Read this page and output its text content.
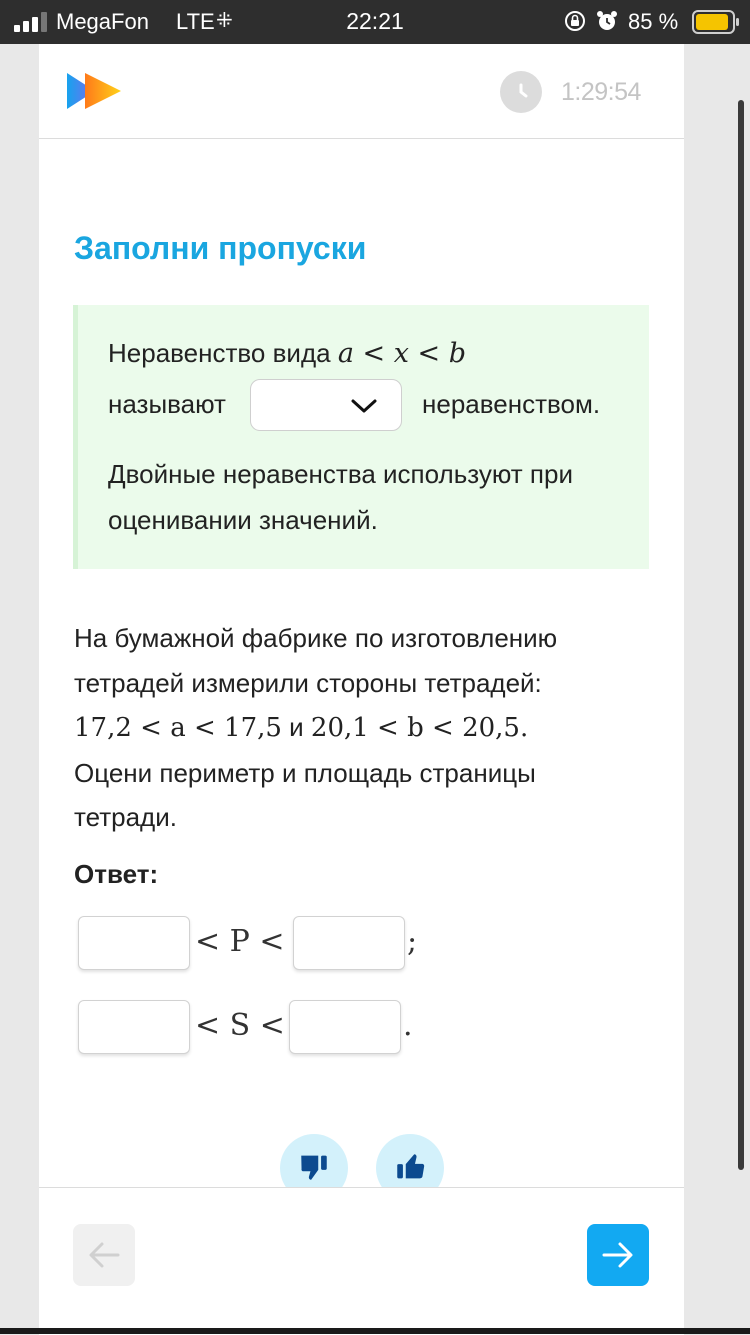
MegaFon LTE ⁜	22:21	85 %
1:29:54
Заполни пропуски
Неравенство вида a < x < b
называют	неравенством.
Двойные неравенства используют при оценивании значений.
На бумажной фабрике по изготовлению тетрадей измерили стороны тетрадей:
17,2 < a < 17,5 и 20,1 < b < 20,5.
Оцени периметр и площадь страницы тетради.
Ответ:
< P <	;
< S <	.
